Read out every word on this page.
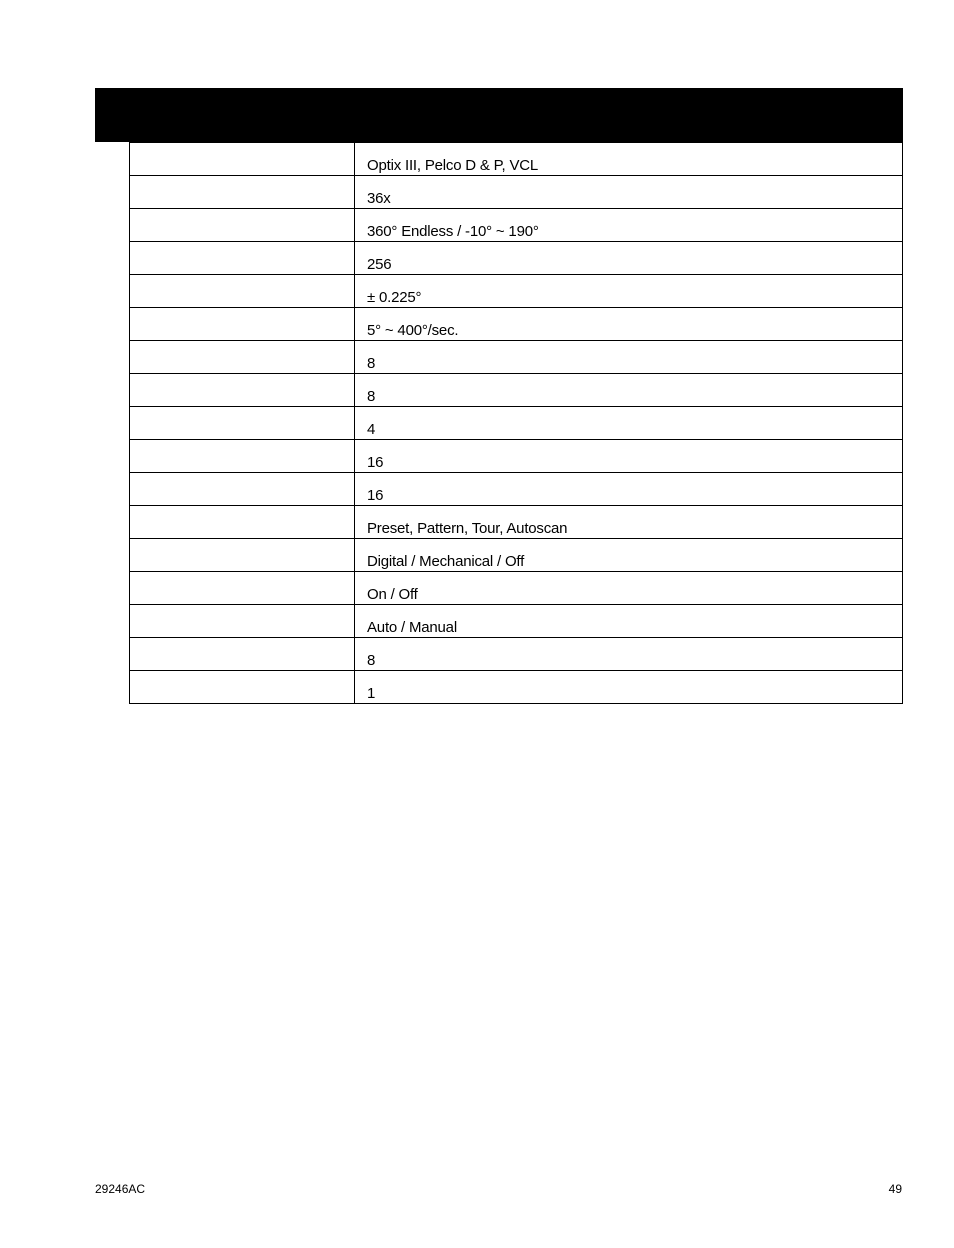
	Optix III, Pelco D & P, VCL
	36x
	360° Endless / -10° ~ 190°
	256
	± 0.225°
	5° ~ 400°/sec.
	8
	8
	4
	16
	16
	Preset, Pattern, Tour, Autoscan
	Digital / Mechanical / Off
	On / Off
	Auto / Manual
	8
	1
29246AC	49
